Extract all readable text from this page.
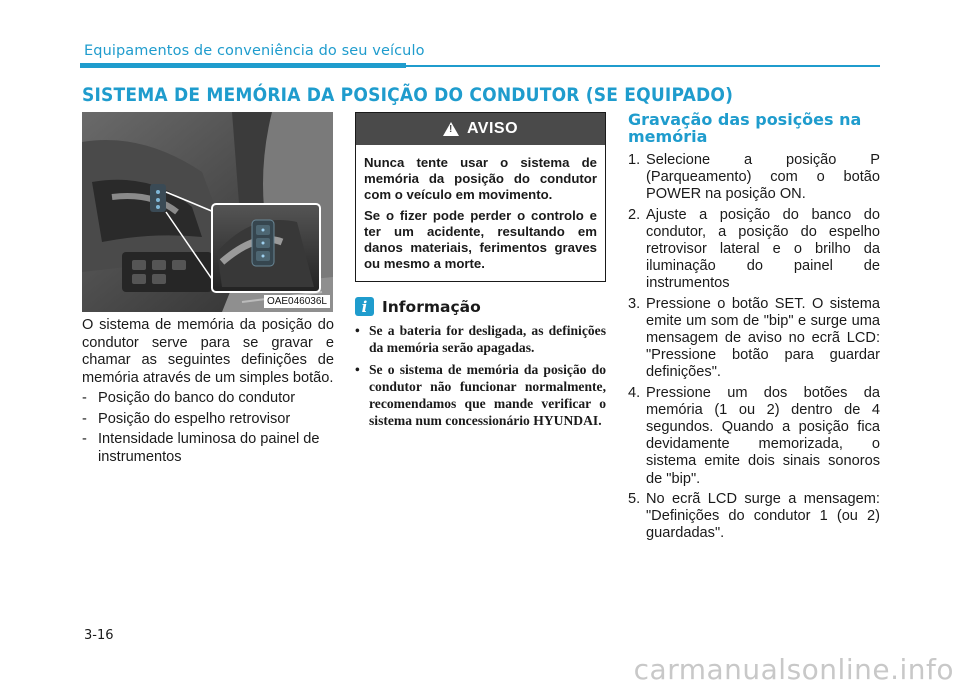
Equipamentos de conveniência do seu veículo
SISTEMA DE MEMÓRIA DA POSIÇÃO DO CONDUTOR (SE EQUIPADO)
OAE046036L

O sistema de memória da posição do condutor serve para se gravar e chamar as seguintes definições de memória através de um simples botão.

- Posição do banco do condutor
- Posição do espelho retrovisor
- Intensidade luminosa do painel de instrumentos
! AVISO

Nunca tente usar o sistema de memória da posição do condutor com o veículo em movimento.

Se o fizer pode perder o controlo e ter um acidente, resultando em danos materiais, ferimentos graves ou mesmo a morte.

i Informação
• Se a bateria for desligada, as definições da memória serão apagadas.
• Se o sistema de memória da posição do condutor não funcionar normalmente, recomendamos que mande verificar o sistema num concessionário HYUNDAI.
Gravação das posições na memória
1. Selecione a posição P (Parqueamento) com o botão POWER na posição ON.
2. Ajuste a posição do banco do condutor, a posição do espelho retrovisor lateral e o brilho da iluminação do painel de instrumentos
3. Pressione o botão SET. O sistema emite um som de "bip" e surge uma mensagem de aviso no ecrã LCD: "Pressione botão para guardar definições".
4. Pressione um dos botões da memória (1 ou 2) dentro de 4 segundos. Quando a posição fica devidamente memorizada, o sistema emite dois sinais sonoros de "bip".
5. No ecrã LCD surge a mensagem: "Definições do condutor 1 (ou 2) guardadas".
3-16
carmanualsonline.info
